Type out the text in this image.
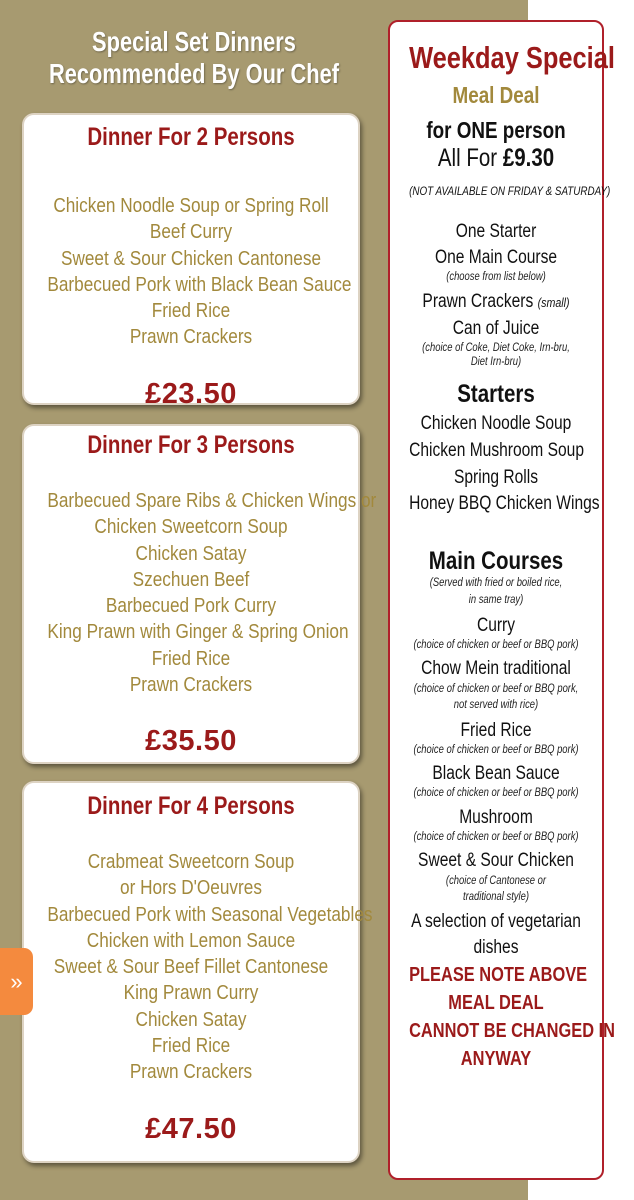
Special Set Dinners
Recommended By Our Chef
Dinner For 2 Persons
Chicken Noodle Soup or Spring Roll
Beef Curry
Sweet & Sour Chicken Cantonese
Barbecued Pork with Black Bean Sauce
Fried Rice
Prawn Crackers
£23.50
Dinner For 3 Persons
Barbecued Spare Ribs & Chicken Wings or
Chicken Sweetcorn Soup
Chicken Satay
Szechuen Beef
Barbecued Pork Curry
King Prawn with Ginger & Spring Onion
Fried Rice
Prawn Crackers
£35.50
Dinner For 4 Persons
Crabmeat Sweetcorn Soup
or Hors D'Oeuvres
Barbecued Pork with Seasonal Vegetables
Chicken with Lemon Sauce
Sweet & Sour Beef Fillet Cantonese
King Prawn Curry
Chicken Satay
Fried Rice
Prawn Crackers
£47.50
»
Weekday Special
Meal Deal
for ONE person
All For £9.30
(NOT AVAILABLE ON FRIDAY & SATURDAY)
One Starter
One Main Course
(choose from list below)
Prawn Crackers (small)
Can of Juice
(choice of Coke, Diet Coke, Irn-bru,
Diet Irn-bru)
Starters
Chicken Noodle Soup
Chicken Mushroom Soup
Spring Rolls
Honey BBQ Chicken Wings
Main Courses
(Served with fried or boiled rice,
in same tray)
Curry
(choice of chicken or beef or BBQ pork)
Chow Mein traditional
(choice of chicken or beef or BBQ pork,
not served with rice)
Fried Rice
(choice of chicken or beef or BBQ pork)
Black Bean Sauce
(choice of chicken or beef or BBQ pork)
Mushroom
(choice of chicken or beef or BBQ pork)
Sweet & Sour Chicken
(choice of Cantonese or
traditional style)
A selection of vegetarian
dishes
PLEASE NOTE ABOVE
MEAL DEAL
CANNOT BE CHANGED IN
ANYWAY
